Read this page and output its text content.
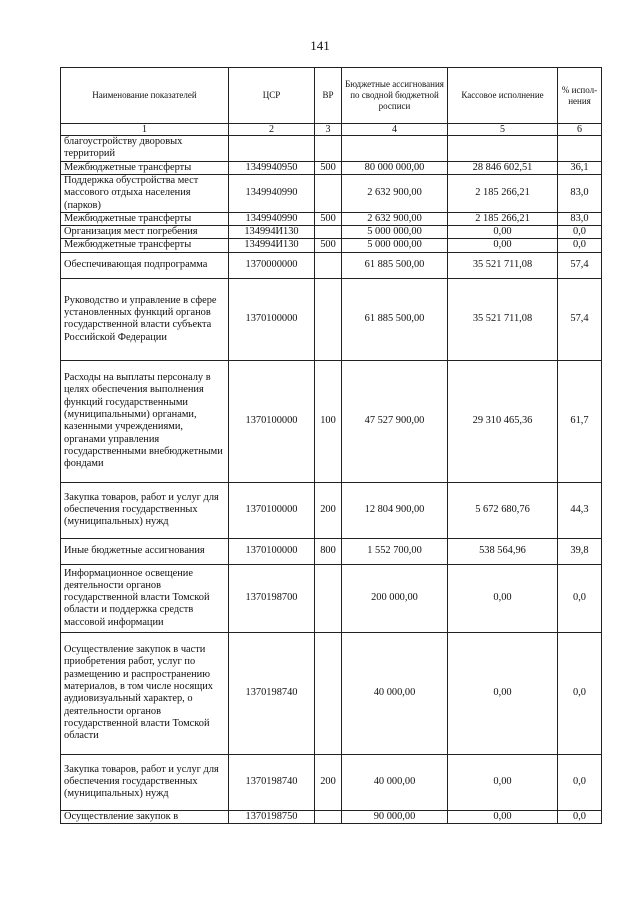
141
Наименование показателей	ЦСР	ВР	Бюджетные ассигнования по сводной бюджетной росписи	Кассовое исполнение	% испол-нения
1	2	3	4	5	6
благоустройству дворовых территорий					
Межбюджетные трансферты	1349940950	500	80 000 000,00	28 846 602,51	36,1
Поддержка обустройства мест массового отдыха населения (парков)	1349940990		2 632 900,00	2 185 266,21	83,0
Межбюджетные трансферты	1349940990	500	2 632 900,00	2 185 266,21	83,0
Организация мест погребения	134994И130		5 000 000,00	0,00	0,0
Межбюджетные трансферты	134994И130	500	5 000 000,00	0,00	0,0
Обеспечивающая подпрограмма	1370000000		61 885 500,00	35 521 711,08	57,4
Руководство и управление в сфере установленных функций органов государственной власти субъекта Российской Федерации	1370100000		61 885 500,00	35 521 711,08	57,4
Расходы на выплаты персоналу в целях обеспечения выполнения функций государственными (муниципальными) органами, казенными учреждениями, органами управления государственными внебюджетными фондами	1370100000	100	47 527 900,00	29 310 465,36	61,7
Закупка товаров, работ и услуг для обеспечения государственных (муниципальных) нужд	1370100000	200	12 804 900,00	5 672 680,76	44,3
Иные бюджетные ассигнования	1370100000	800	1 552 700,00	538 564,96	39,8
Информационное освещение деятельности органов государственной власти Томской области и поддержка средств массовой информации	1370198700		200 000,00	0,00	0,0
Осуществление закупок в части приобретения работ, услуг по размещению и распространению материалов, в том числе носящих аудиовизуальный характер, о деятельности органов государственной власти Томской области	1370198740		40 000,00	0,00	0,0
Закупка товаров, работ и услуг для обеспечения государственных (муниципальных) нужд	1370198740	200	40 000,00	0,00	0,0
Осуществление закупок в	1370198750		90 000,00	0,00	0,0
